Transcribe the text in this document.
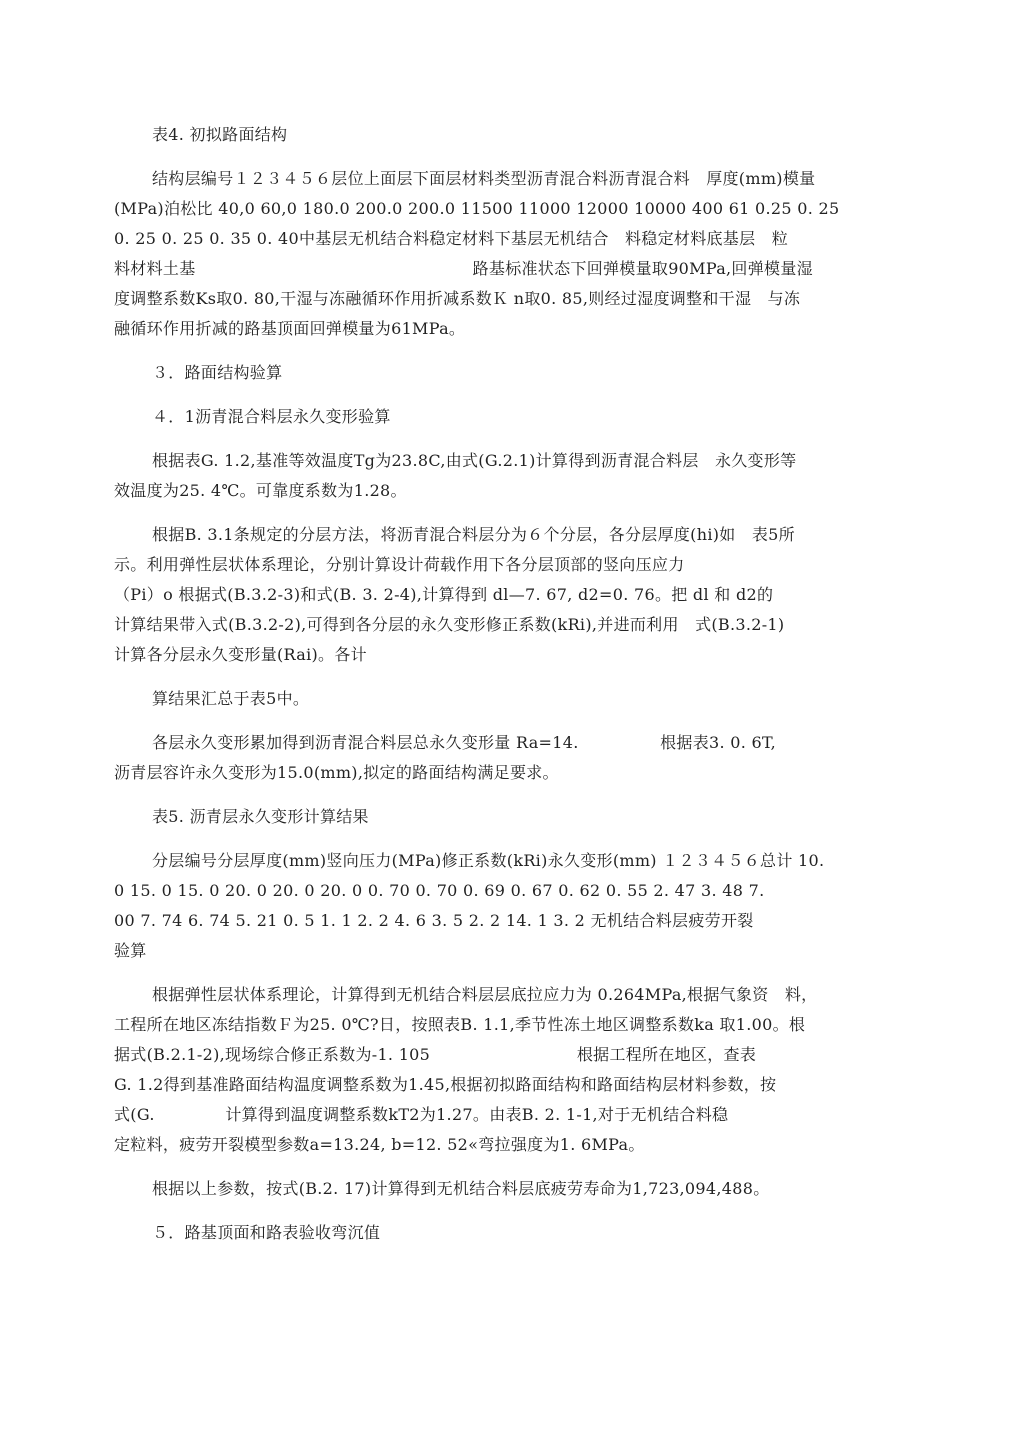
表4. 初拟路面结构

结构层编号１２３４５６层位上面层下面层材料类型沥青混合料沥青混合料　厚度(mm)模量
(MPa)泊松比 40,0 60,0 180.0 200.0 200.0 11500 11000 12000 10000 400 61 0.25 0. 25
0. 25 0. 25 0. 35 0. 40中基层无机结合料稳定材料下基层无机结合　料稳定材料底基层　粒
料材料土基　　　　　　　　　　　　　　　　　路基标准状态下回弹模量取90MPa,回弹模量湿
度调整系数Ks取0. 80,干湿与冻融循环作用折减系数Ｋ n取0. 85,则经过湿度调整和干湿　与冻
融循环作用折减的路基顶面回弹模量为61MPa。

３．路面结构验算

４．1沥青混合料层永久变形验算

根据表G. 1.2,基准等效温度Tg为23.8C,由式(G.2.1)计算得到沥青混合料层　永久变形等
效温度为25. 4℃。可靠度系数为1.28。

根据B. 3.1条规定的分层方法，将沥青混合料层分为６个分层，各分层厚度(hi)如　表5所
示。利用弹性层状体系理论，分别计算设计荷载作用下各分层顶部的竖向压应力
（Pi）o 根据式(B.3.2-3)和式(B. 3. 2-4),计算得到 dl—7. 67, d2=0. 76。把 dl 和 d2的
计算结果带入式(B.3.2-2),可得到各分层的永久变形修正系数(kRi),并进而利用　式(B.3.2-1)
计算各分层永久变形量(Rai)。各计

算结果汇总于表5中。

各层永久变形累加得到沥青混合料层总永久变形量 Ra=14.　　　　　根据表3. 0. 6T,
沥青层容许永久变形为15.0(mm),拟定的路面结构满足要求。

表5. 沥青层永久变形计算结果

分层编号分层厚度(mm)竖向压力(MPa)修正系数(kRi)永久变形(mm) １２３４５６总计 10.
0 15. 0 15. 0 20. 0 20. 0 20. 0 0. 70 0. 70 0. 69 0. 67 0. 62 0. 55 2. 47 3. 48 7.
00 7. 74 6. 74 5. 21 0. 5 1. 1 2. 2 4. 6 3. 5 2. 2 14. 1 3. 2 无机结合料层疲劳开裂
验算

根据弹性层状体系理论，计算得到无机结合料层层底拉应力为 0.264MPa,根据气象资　料，
工程所在地区冻结指数Ｆ为25. 0℃?日，按照表B. 1.1,季节性冻土地区调整系数ka 取1.00。根
据式(B.2.1-2),现场综合修正系数为-1. 105　　　　　　　　　根据工程所在地区，查表
G. 1.2得到基准路面结构温度调整系数为1.45,根据初拟路面结构和路面结构层材料参数，按
式(G.　　　　 计算得到温度调整系数kT2为1.27。由表B. 2. 1-1,对于无机结合料稳
定粒料，疲劳开裂模型参数a=13.24, b=12. 52«弯拉强度为1. 6MPa。

根据以上参数，按式(B.2. 17)计算得到无机结合料层底疲劳寿命为1,723,094,488。

５．路基顶面和路表验收弯沉值
